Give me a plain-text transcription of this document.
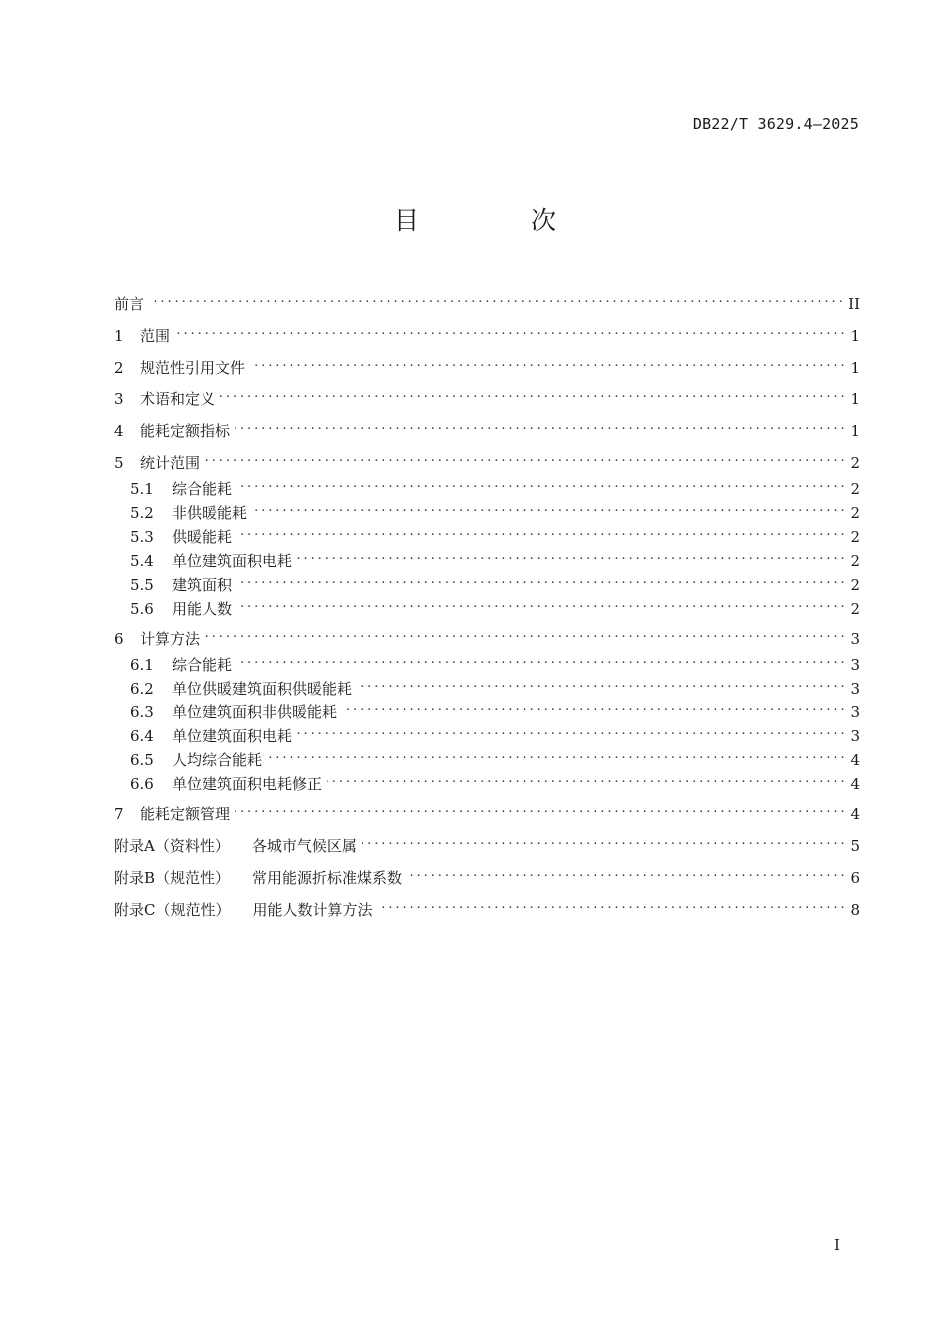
DB22/T 3629.4—2025
目 次
前言 . . .	II
1	范围 . . .	1
2	规范性引用文件 . . .	1
3	术语和定义 . . .	1
4	能耗定额指标 . . .	1
5	统计范围 . . .	2
5.1	综合能耗 . . .	2
5.2	非供暖能耗 . . .	2
5.3	供暖能耗 . . .	2
5.4	单位建筑面积电耗 . . .	2
5.5	建筑面积 . . .	2
5.6	用能人数 . . .	2
6	计算方法 . . .	3
6.1	综合能耗 . . .	3
6.2	单位供暖建筑面积供暖能耗 . . .	3
6.3	单位建筑面积非供暖能耗 . . .	3
6.4	单位建筑面积电耗 . . .	3
6.5	人均综合能耗 . . .	4
6.6	单位建筑面积电耗修正 . . .	4
7	能耗定额管理 . . .	4
附录A（资料性） 各城市气候区属 . . .	5
附录B（规范性） 常用能源折标准煤系数 . . .	6
附录C（规范性） 用能人数计算方法 . . .	8
I
